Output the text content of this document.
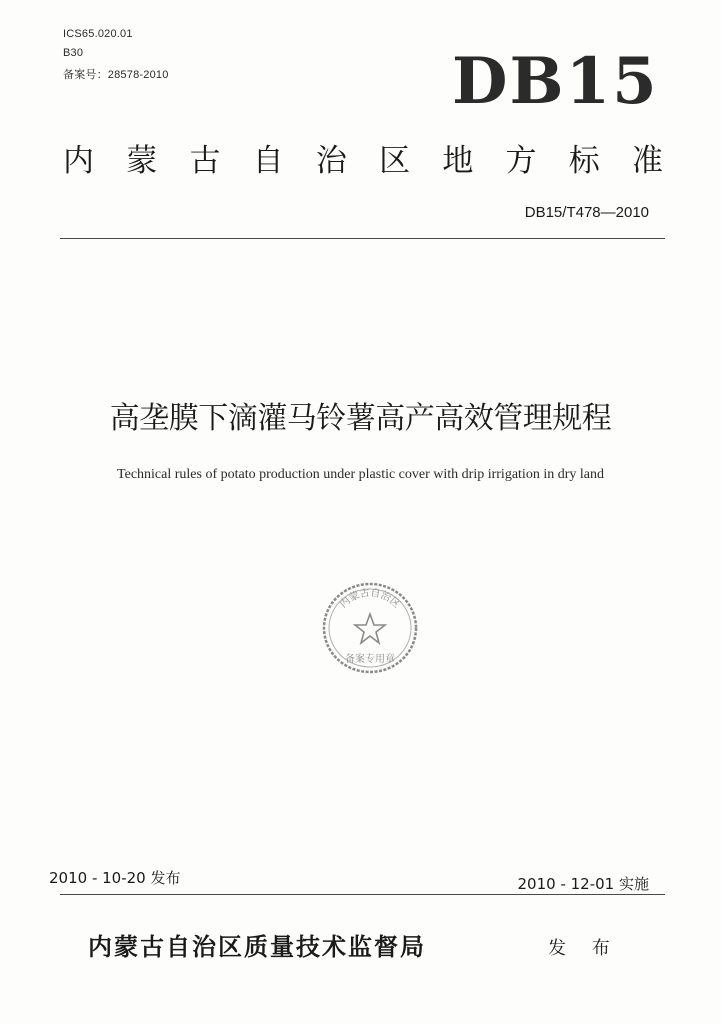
ICS65.020.01
B30
备案号：28578-2010	DB15
内 蒙 古 自 治 区 地 方 标 准
DB15/T478—2010
高垄膜下滴灌马铃薯高产高效管理规程
Technical rules of potato production under plastic cover with drip irrigation in dry land
内蒙古自治区
备案专用章
2010 - 10-20 发布	2010 - 12-01 实施
内蒙古自治区质量技术监督局	发 布
